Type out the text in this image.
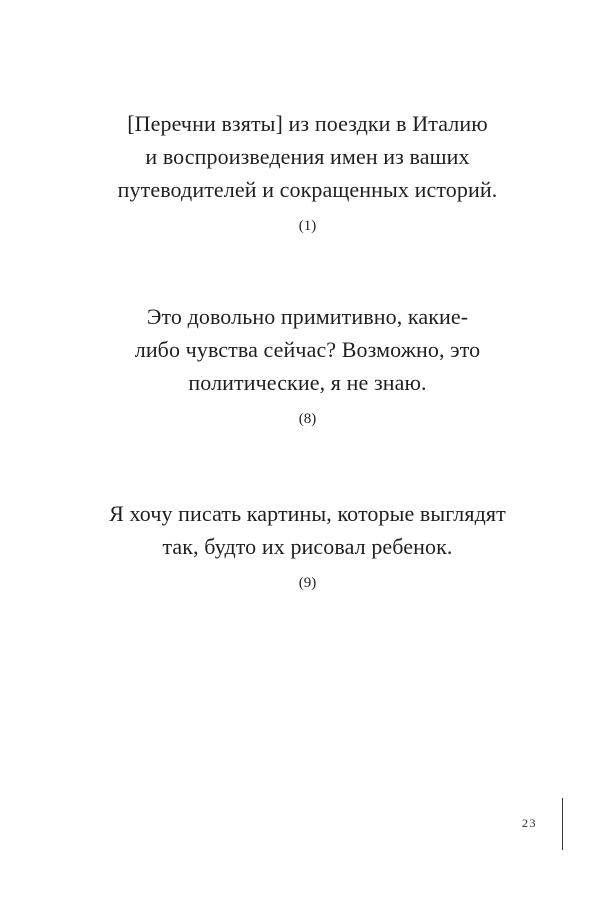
[Перечни взяты] из поездки в Италию
и воспроизведения имен из ваших
путеводителей и сокращенных историй.
(1)
Это довольно примитивно, какие-
либо чувства сейчас? Возможно, это
политические, я не знаю.
(8)
Я хочу писать картины, которые выглядят
так, будто их рисовал ребенок.
(9)
23
